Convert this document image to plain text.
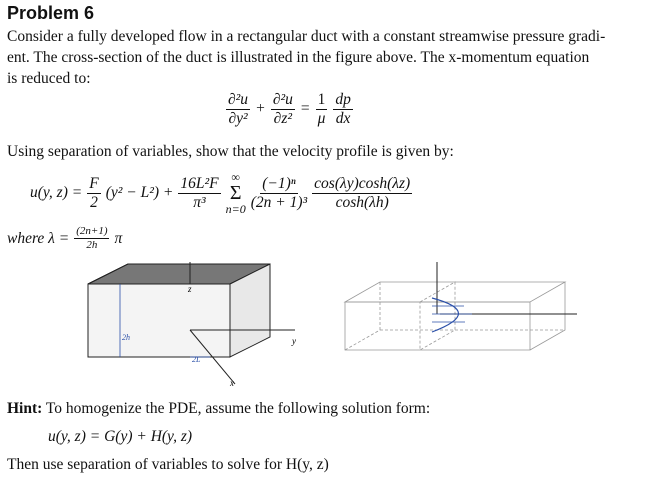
Problem 6
Consider a fully developed flow in a rectangular duct with a constant streamwise pressure gradi-
ent. The cross-section of the duct is illustrated in the figure above. The x-momentum equation
is reduced to:
$\frac{\text{∂²u}}{\text{∂y²}} + \frac{\text{∂²u}}{\text{∂z²}} = \frac{1}{\mu} \frac{dp}{dx}$
Using separation of variables, show that the velocity profile is given by:
u(y, $z) = \frac{F}{2} (y^2 - L^2) + \frac{\text{16L²F}}{\text{π³}}$ ∞
Σ
$n=0 \frac{\text{(−1)ⁿ}}{\text{(2n + 1)³}} \frac{\cos(\lambda y)\cosh(\lambda z)}{\cosh(\lambda h)}$
where $\lambda = \frac{(2n+1)}{2h}$ π
z
y
x
2h
2L
Hint: To homogenize the PDE, assume the following solution form:
u(y, z) = G(y) + H(y, z)
Then use separation of variables to solve for H(y, z)
